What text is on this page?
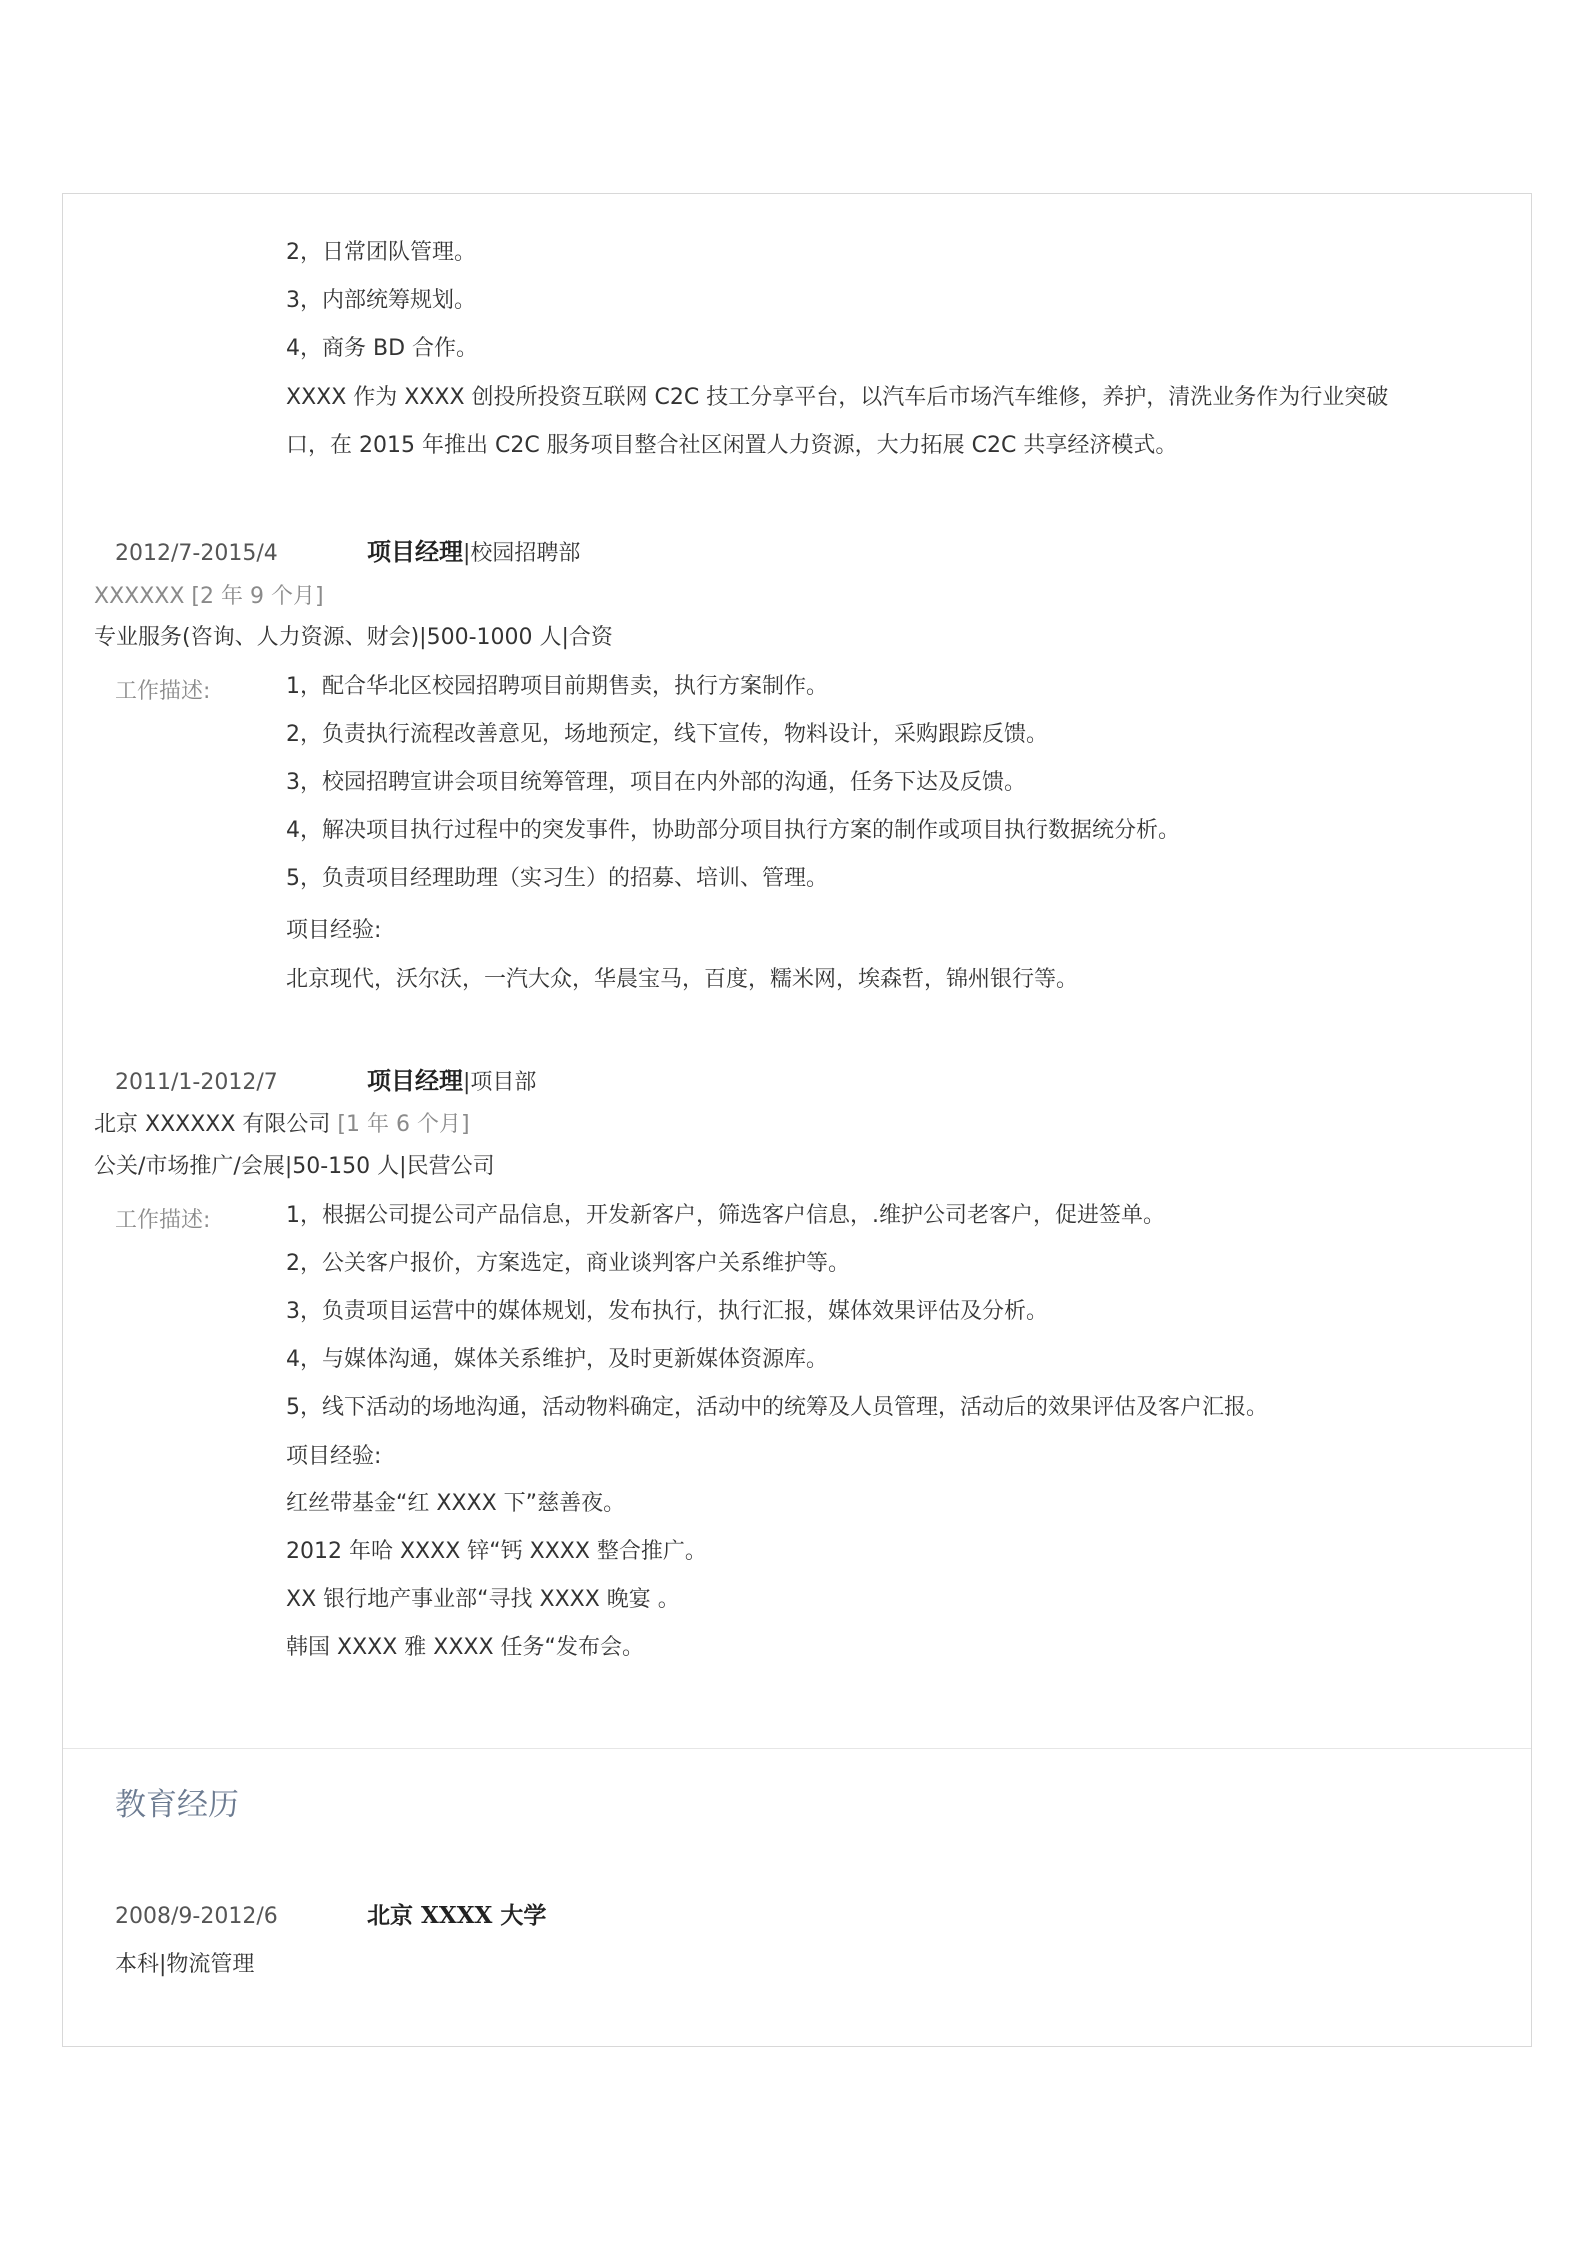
2，日常团队管理。
3，内部统筹规划。
4，商务 BD 合作。
XXXX 作为 XXXX 创投所投资互联网 C2C 技工分享平台，以汽车后市场汽车维修，养护，清洗业务作为行业突破
口，在 2015 年推出 C2C 服务项目整合社区闲置人力资源，大力拓展 C2C 共享经济模式。
2012/7-2015/4	项目经理|校园招聘部
XXXXXX [2 年 9 个月]
专业服务(咨询、人力资源、财会)|500-1000 人|合资
工作描述:	1，配合华北区校园招聘项目前期售卖，执行方案制作。
2，负责执行流程改善意见，场地预定，线下宣传，物料设计，采购跟踪反馈。
3，校园招聘宣讲会项目统筹管理，项目在内外部的沟通，任务下达及反馈。
4，解决项目执行过程中的突发事件，协助部分项目执行方案的制作或项目执行数据统分析。
5，负责项目经理助理（实习生）的招募、培训、管理。
项目经验:
北京现代，沃尔沃，一汽大众，华晨宝马，百度，糯米网，埃森哲，锦州银行等。
2011/1-2012/7	项目经理|项目部
北京 XXXXXX 有限公司 [1 年 6 个月]
公关/市场推广/会展|50-150 人|民营公司
工作描述:	1，根据公司提公司产品信息，开发新客户，筛选客户信息，.维护公司老客户，促进签单。
2，公关客户报价，方案选定，商业谈判客户关系维护等。
3，负责项目运营中的媒体规划，发布执行，执行汇报，媒体效果评估及分析。
4，与媒体沟通，媒体关系维护，及时更新媒体资源库。
5，线下活动的场地沟通，活动物料确定，活动中的统筹及人员管理，活动后的效果评估及客户汇报。
项目经验:
红丝带基金“红 XXXX 下”慈善夜。
2012 年哈 XXXX 锌“钙 XXXX 整合推广。
XX 银行地产事业部“寻找 XXXX 晚宴 。
韩国 XXXX 雅 XXXX 任务“发布会。
教育经历
2008/9-2012/6	北京 XXXX 大学
本科|物流管理
